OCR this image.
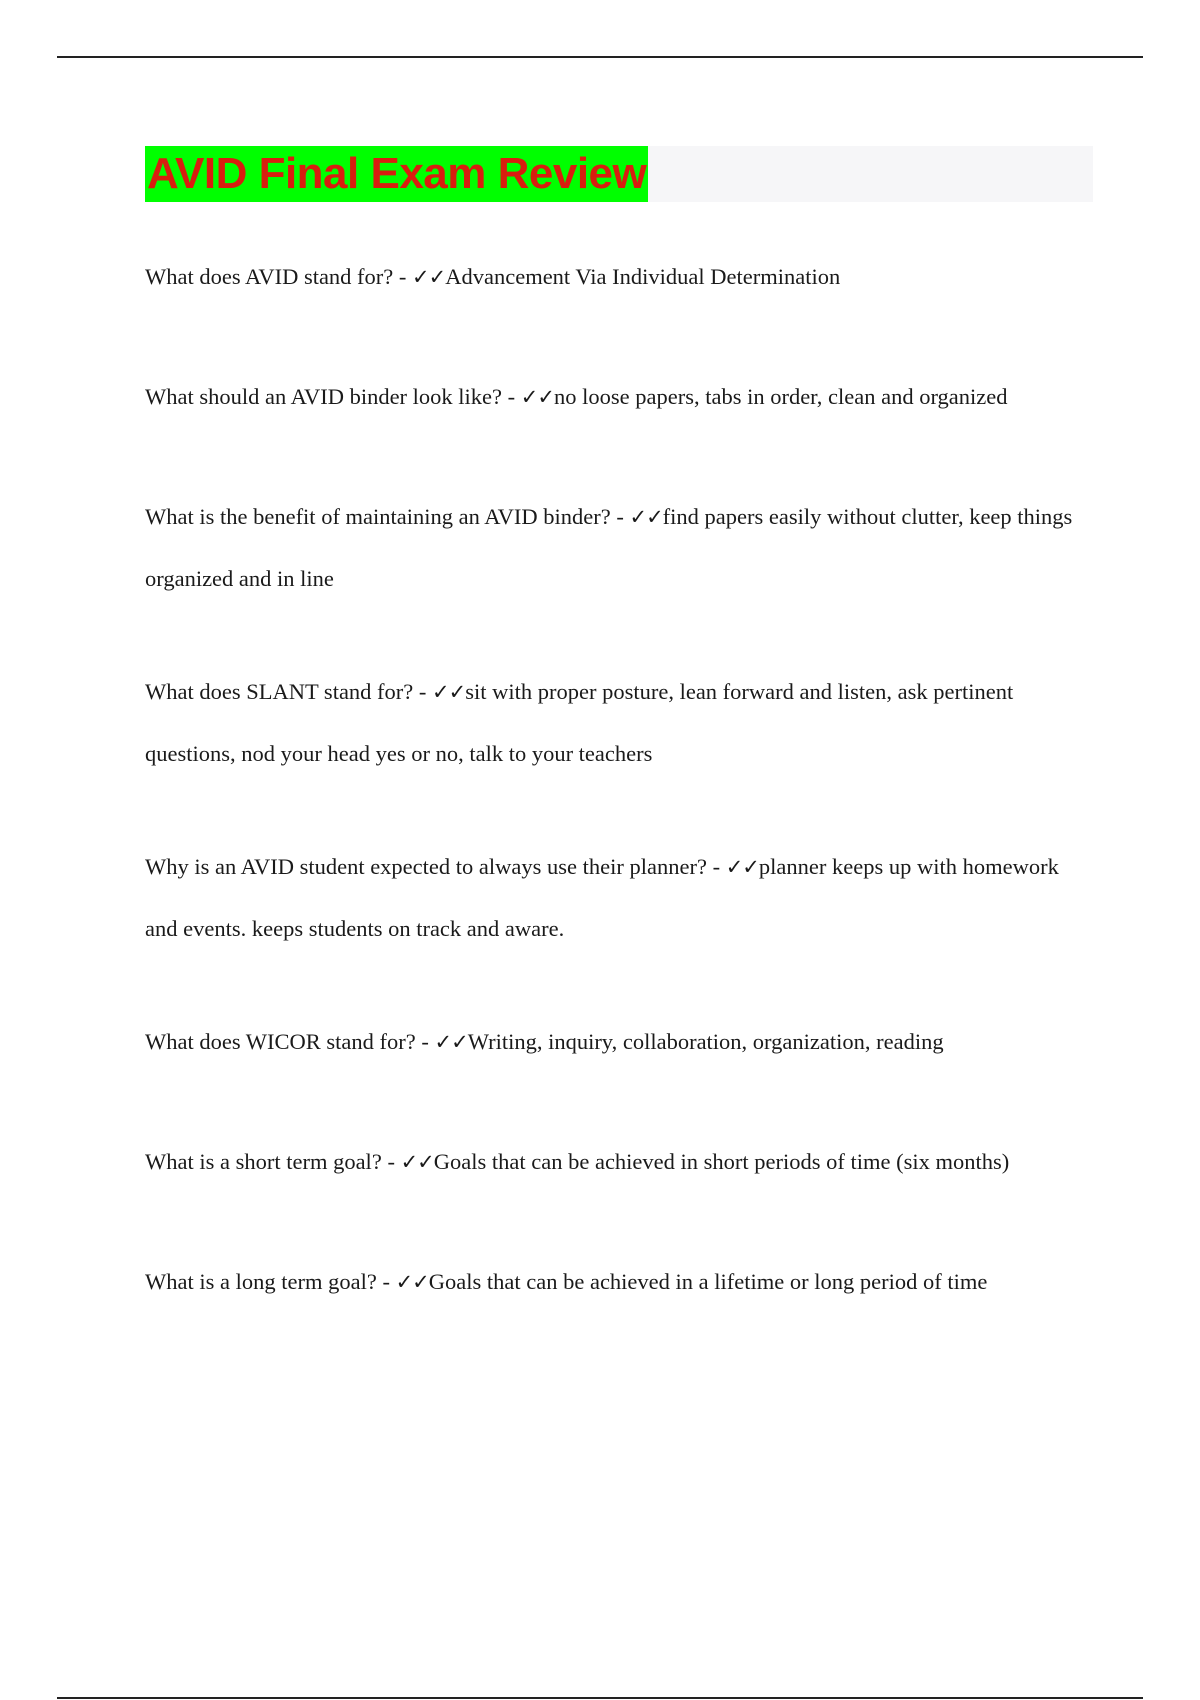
AVID Final Exam Review
What does AVID stand for? - ✓✓Advancement Via Individual Determination
What should an AVID binder look like? - ✓✓no loose papers, tabs in order, clean and organized
What is the benefit of maintaining an AVID binder? - ✓✓find papers easily without clutter, keep things organized and in line
What does SLANT stand for? - ✓✓sit with proper posture, lean forward and listen, ask pertinent questions, nod your head yes or no, talk to your teachers
Why is an AVID student expected to always use their planner? - ✓✓planner keeps up with homework and events. keeps students on track and aware.
What does WICOR stand for? - ✓✓Writing, inquiry, collaboration, organization, reading
What is a short term goal? - ✓✓Goals that can be achieved in short periods of time (six months)
What is a long term goal? - ✓✓Goals that can be achieved in a lifetime or long period of time
